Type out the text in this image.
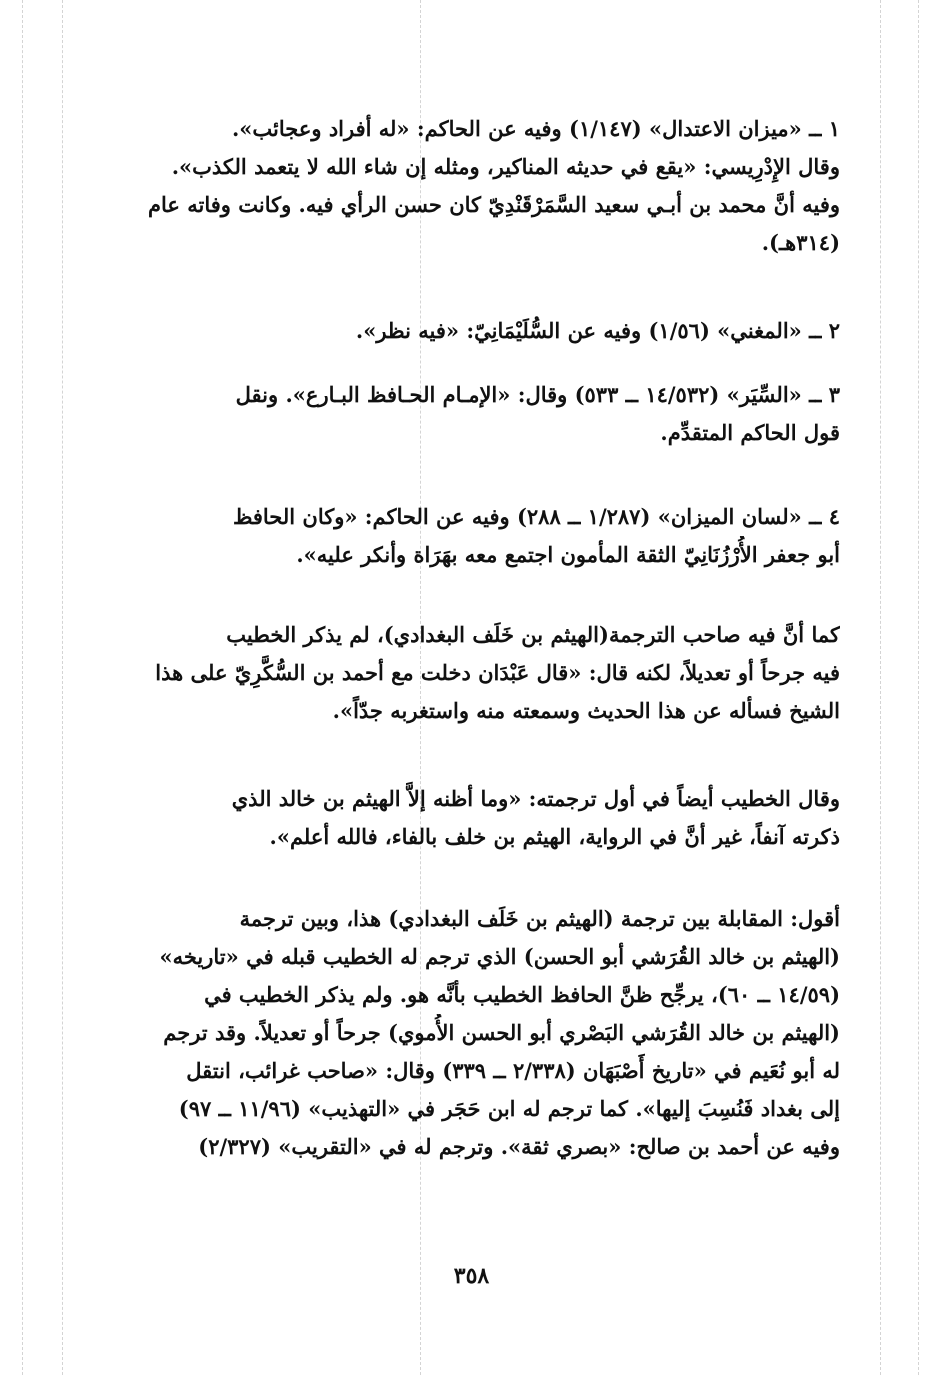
١ ــ «ميزان الاعتدال» (١/١٤٧) وفيه عن الحاكم: «له أفراد وعجائب».
وقال الإِدْرِيسي: «يقع في حديثه المناكير، ومثله إن شاء الله لا يتعمد الكذب».
وفيه أنَّ محمد بن أبـي سعيد السَّمَرْقَنْدِيّ كان حسن الرأي فيه. وكانت وفاته عام
(٣١٤هـ).
٢ ــ «المغني» (١/٥٦) وفيه عن السُّلَيْمَانِيّ: «فيه نظر».
٣ ــ «السِّيَر» (١٤/٥٣٢ ــ ٥٣٣) وقال: «الإمـام الحـافظ البـارع». ونقل
قول الحاكم المتقدِّم.
٤ ــ «لسان الميزان» (١/٢٨٧ ــ ٢٨٨) وفيه عن الحاكم: «وكان الحافظ
أبو جعفر الأُرْزُنَانِيّ الثقة المأمون اجتمع معه بهَرَاة وأنكر عليه».
كما أنَّ فيه صاحب الترجمة(الهيثم بن خَلَف البغدادي)، لم يذكر الخطيب
فيه جرحاً أو تعديلاً، لكنه قال: «قال عَبْدَان دخلت مع أحمد بن السُّكَّرِيّ على هذا
الشيخ فسأله عن هذا الحديث وسمعته منه واستغربه جدّاً».
وقال الخطيب أيضاً في أول ترجمته: «وما أظنه إلاَّ الهيثم بن خالد الذي
ذكرته آنفاً، غير أنَّ في الرواية، الهيثم بن خلف بالفاء، فالله أعلم».
أقول: المقابلة بين ترجمة (الهيثم بن خَلَف البغدادي) هذا، وبين ترجمة
(الهيثم بن خالد القُرَشي أبو الحسن) الذي ترجم له الخطيب قبله في «تاريخه»
(١٤/٥٩ ــ ٦٠)، يرجِّح ظنَّ الحافظ الخطيب بأنَّه هو. ولم يذكر الخطيب في
(الهيثم بن خالد القُرَشي البَصْري أبو الحسن الأُموي) جرحاً أو تعديلاً. وقد ترجم
له أبو نُعَيم في «تاريخ أَصْبَهَان (٢/٣٣٨ ــ ٣٣٩) وقال: «صاحب غرائب، انتقل
إلى بغداد فَنُسِبَ إليها». كما ترجم له ابن حَجَر في «التهذيب» (١١/٩٦ ــ ٩٧)
وفيه عن أحمد بن صالح: «بصري ثقة». وترجم له في «التقريب» (٢/٣٢٧)
٣٥٨
